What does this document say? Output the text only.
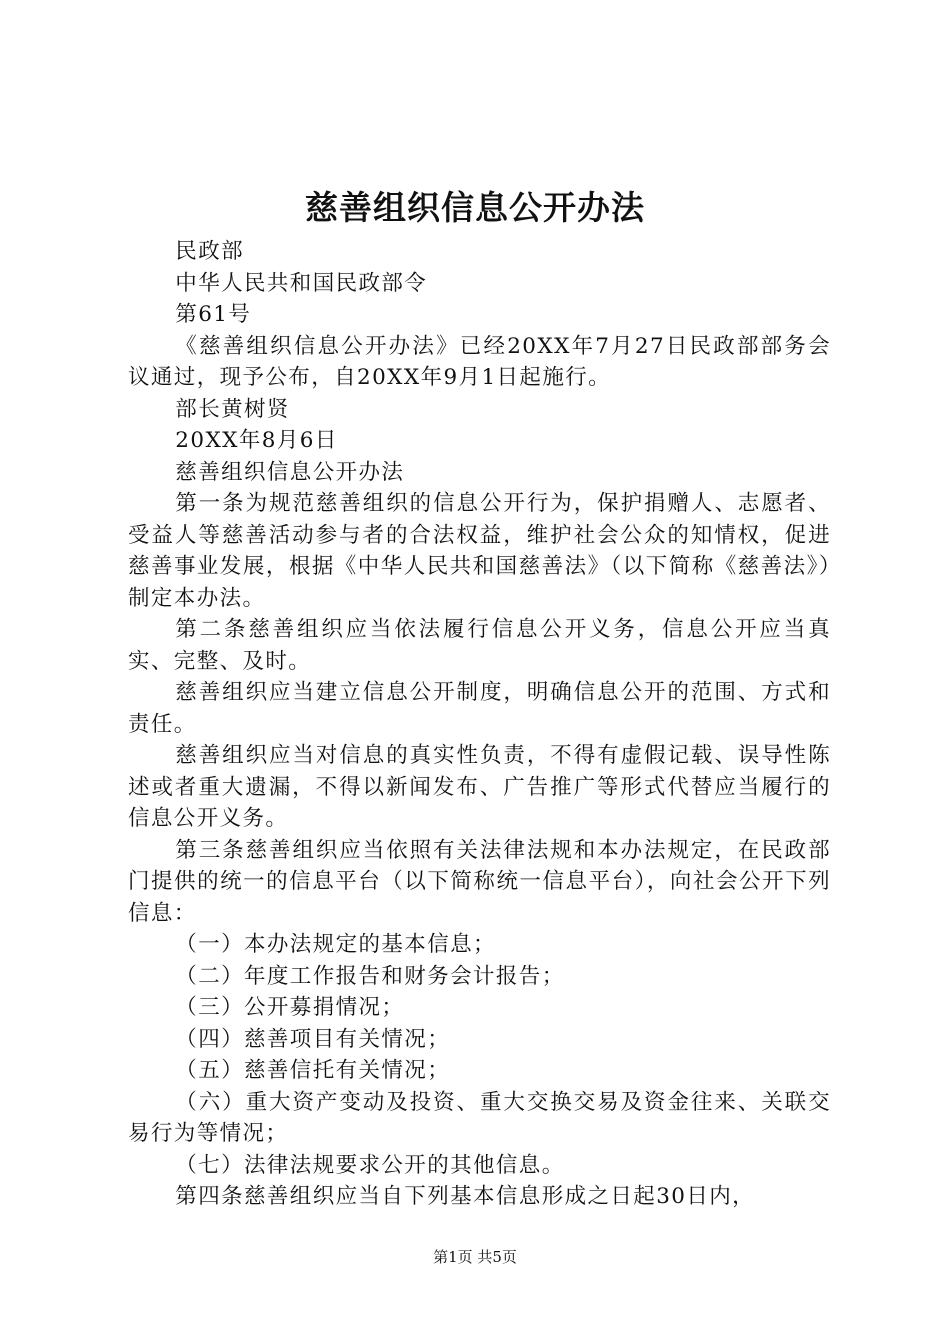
慈善组织信息公开办法

民政部

中华人民共和国民政部令

第61号

《慈善组织信息公开办法》已经20XX年7月27日民政部部务会议通过，现予公布，自20XX年9月1日起施行。

部长黄树贤

20XX年8月6日

慈善组织信息公开办法

第一条为规范慈善组织的信息公开行为，保护捐赠人、志愿者、受益人等慈善活动参与者的合法权益，维护社会公众的知情权，促进慈善事业发展，根据《中华人民共和国慈善法》（以下简称《慈善法》）制定本办法。

第二条慈善组织应当依法履行信息公开义务，信息公开应当真实、完整、及时。

慈善组织应当建立信息公开制度，明确信息公开的范围、方式和责任。

慈善组织应当对信息的真实性负责，不得有虚假记载、误导性陈述或者重大遗漏，不得以新闻发布、广告推广等形式代替应当履行的信息公开义务。

第三条慈善组织应当依照有关法律法规和本办法规定，在民政部门提供的统一的信息平台（以下简称统一信息平台），向社会公开下列信息：

（一）本办法规定的基本信息；

（二）年度工作报告和财务会计报告；

（三）公开募捐情况；

（四）慈善项目有关情况；

（五）慈善信托有关情况；

（六）重大资产变动及投资、重大交换交易及资金往来、关联交易行为等情况；

（七）法律法规要求公开的其他信息。

第四条慈善组织应当自下列基本信息形成之日起30日内，

第1页 共5页
